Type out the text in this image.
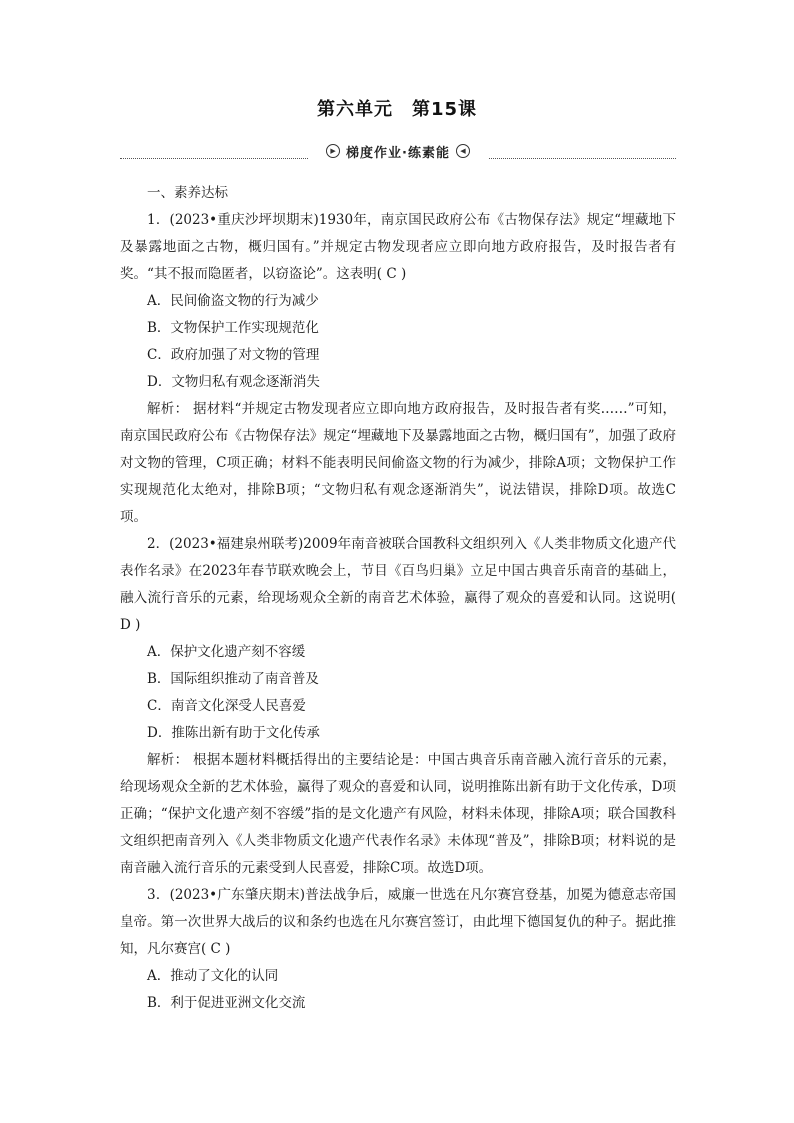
第六单元　第15课
▶ 梯度作业·练素能	◀

一、素养达标

1．(2023•重庆沙坪坝期末)1930年，南京国民政府公布《古物保存法》规定“埋藏地下及暴露地面之古物，概归国有。”并规定古物发现者应立即向地方政府报告，及时报告者有奖。“其不报而隐匿者，以窃盗论”。这表明( C )

A．民间偷盗文物的行为减少

B．文物保护工作实现规范化

C．政府加强了对文物的管理

D．文物归私有观念逐渐消失

解析： 据材料“并规定古物发现者应立即向地方政府报告，及时报告者有奖……”可知，南京国民政府公布《古物保存法》规定“埋藏地下及暴露地面之古物，概归国有”，加强了政府对文物的管理，C项正确；材料不能表明民间偷盗文物的行为减少，排除A项；文物保护工作实现规范化太绝对，排除B项；“文物归私有观念逐渐消失”，说法错误，排除D项。故选C项。

2．(2023•福建泉州联考)2009年南音被联合国教科文组织列入《人类非物质文化遗产代表作名录》在2023年春节联欢晚会上，节目《百鸟归巢》立足中国古典音乐南音的基础上，融入流行音乐的元素，给现场观众全新的南音艺术体验，赢得了观众的喜爱和认同。这说明( D )

A．保护文化遗产刻不容缓

B．国际组织推动了南音普及

C．南音文化深受人民喜爱

D．推陈出新有助于文化传承

解析： 根据本题材料概括得出的主要结论是：中国古典音乐南音融入流行音乐的元素，给现场观众全新的艺术体验，赢得了观众的喜爱和认同，说明推陈出新有助于文化传承，D项正确；“保护文化遗产刻不容缓”指的是文化遗产有风险，材料未体现，排除A项；联合国教科文组织把南音列入《人类非物质文化遗产代表作名录》未体现“普及”，排除B项；材料说的是南音融入流行音乐的元素受到人民喜爱，排除C项。故选D项。

3．(2023•广东肇庆期末)普法战争后，威廉一世选在凡尔赛宫登基，加冕为德意志帝国皇帝。第一次世界大战后的议和条约也选在凡尔赛宫签订，由此埋下德国复仇的种子。据此推知，凡尔赛宫( C )

A．推动了文化的认同

B．利于促进亚洲文化交流
